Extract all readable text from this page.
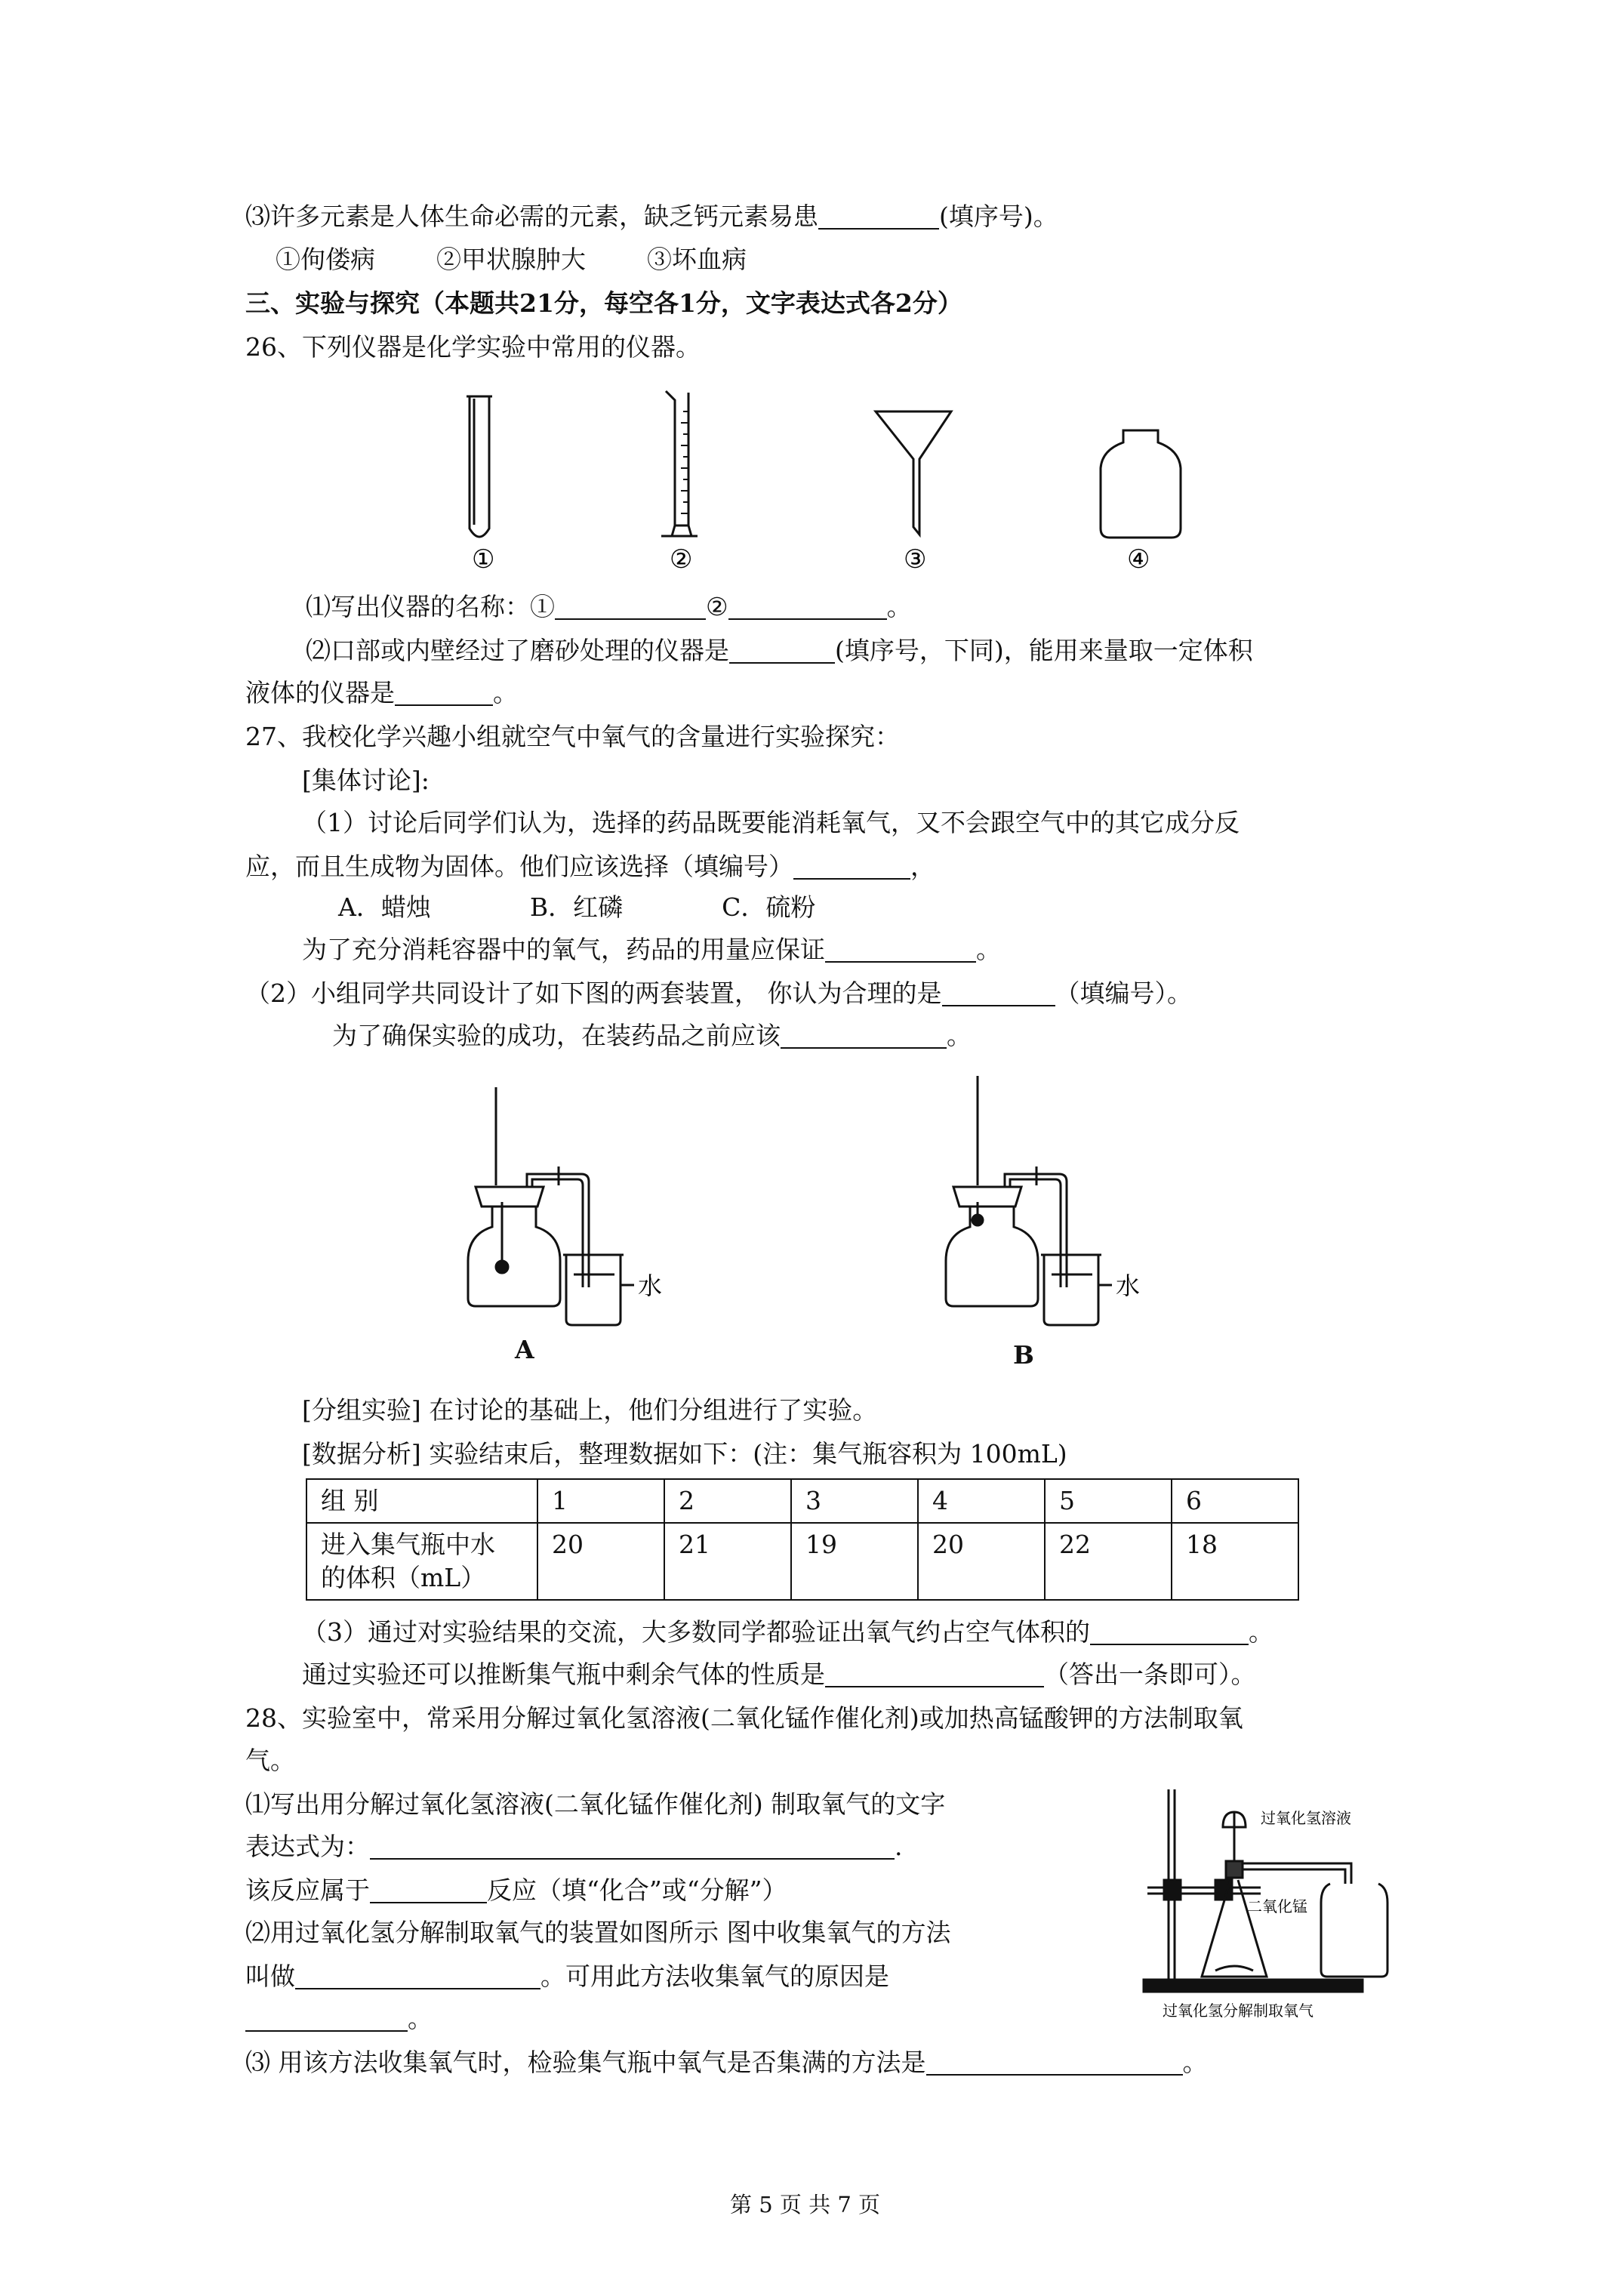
⑶许多元素是人体生命必需的元素，缺乏钙元素易患	(填序号)。
①佝偻病 ②甲状腺肿大 ③坏血病
三、实验与探究（本题共21分，每空各1分，文字表达式各2分）
26、下列仪器是化学实验中常用的仪器。
①	②	③	④
⑴写出仪器的名称：①	②	。
⑵口部或内壁经过了磨砂处理的仪器是	(填序号，下同)，能用来量取一定体积
液体的仪器是	。
27、我校化学兴趣小组就空气中氧气的含量进行实验探究：
[集体讨论]:
（1）讨论后同学们认为，选择的药品既要能消耗氧气，又不会跟空气中的其它成分反
应，而且生成物为固体。他们应该选择（填编号）	，
A．蜡烛	B．红磷	C．硫粉
为了充分消耗容器中的氧气，药品的用量应保证	。
（2）小组同学共同设计了如下图的两套装置， 你认为合理的是	（填编号）。
为了确保实验的成功，在装药品之前应该	。
水	水
A	B
[分组实验] 在讨论的基础上，他们分组进行了实验。
[数据分析] 实验结束后，整理数据如下：(注：集气瓶容积为 100mL)
组 别	1	2	3	4	5	6
进入集气瓶中水
的体积（mL）	20	21	19	20	22	18
（3）通过对实验结果的交流，大多数同学都验证出氧气约占空气体积的	。
通过实验还可以推断集气瓶中剩余气体的性质是	（答出一条即可）。
28、实验室中，常采用分解过氧化氢溶液(二氧化锰作催化剂)或加热高锰酸钾的方法制取氧
气。
⑴写出用分解过氧化氢溶液(二氧化锰作催化剂) 制取氧气的文字
表达式为：	.
该反应属于	反应（填“化合”或“分解”）
⑵用过氧化氢分解制取氧气的装置如图所示 图中收集氧气的方法
叫做	。可用此方法收集氧气的原因是
。
⑶ 用该方法收集氧气时，检验集气瓶中氧气是否集满的方法是	。
过氧化氢溶液
二氧化锰
过氧化氢分解制取氧气
第 5 页 共 7 页
